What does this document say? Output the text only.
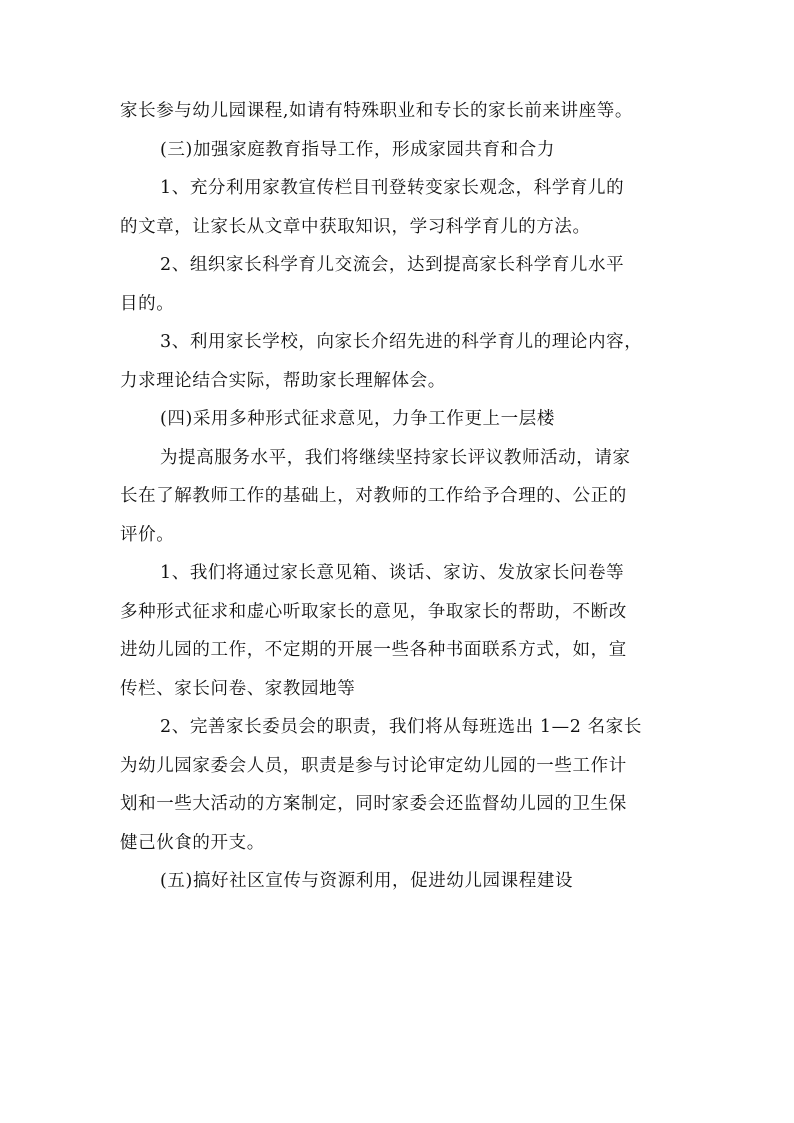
家长参与幼儿园课程,如请有特殊职业和专长的家长前来讲座等。
(三)加强家庭教育指导工作，形成家园共育和合力
1、充分利用家教宣传栏目刊登转变家长观念，科学育儿的
的文章，让家长从文章中获取知识，学习科学育儿的方法。
2、组织家长科学育儿交流会，达到提高家长科学育儿水平
目的。
3、利用家长学校，向家长介绍先进的科学育儿的理论内容，
力求理论结合实际，帮助家长理解体会。
(四)采用多种形式征求意见，力争工作更上一层楼
为提高服务水平，我们将继续坚持家长评议教师活动，请家
长在了解教师工作的基础上，对教师的工作给予合理的、公正的
评价。
1、我们将通过家长意见箱、谈话、家访、发放家长问卷等
多种形式征求和虚心听取家长的意见，争取家长的帮助，不断改
进幼儿园的工作，不定期的开展一些各种书面联系方式，如，宣
传栏、家长问卷、家教园地等
2、完善家长委员会的职责，我们将从每班选出 1—2 名家长
为幼儿园家委会人员，职责是参与讨论审定幼儿园的一些工作计
划和一些大活动的方案制定，同时家委会还监督幼儿园的卫生保
健己伙食的开支。
(五)搞好社区宣传与资源利用，促进幼儿园课程建设
